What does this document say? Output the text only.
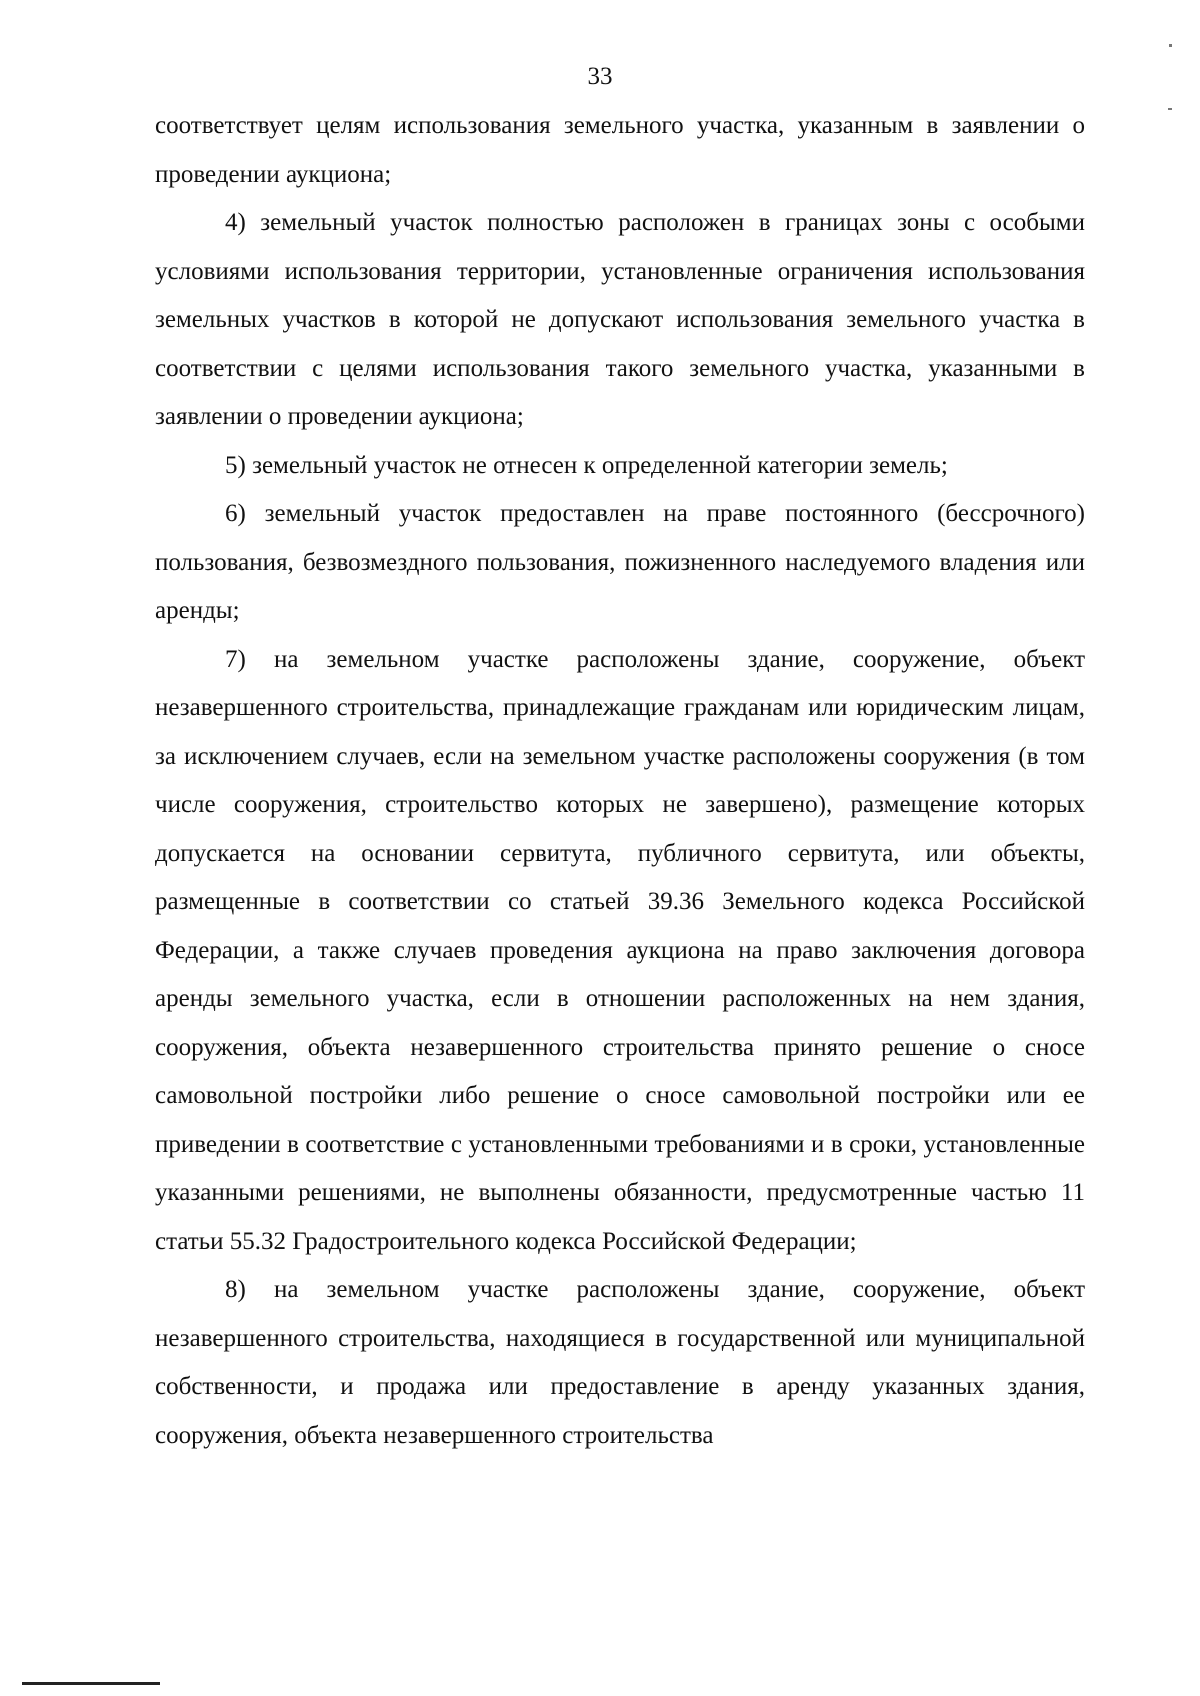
33

соответствует целям использования земельного участка, указанным в заявлении о проведении аукциона;

4) земельный участок полностью расположен в границах зоны с особыми условиями использования территории, установленные ограничения использования земельных участков в которой не допускают использования земельного участка в соответствии с целями использования такого земельного участка, указанными в заявлении о проведении аукциона;

5) земельный участок не отнесен к определенной категории земель;

6) земельный участок предоставлен на праве постоянного (бессрочного) пользования, безвозмездного пользования, пожизненного наследуемого владения или аренды;

7) на земельном участке расположены здание, сооружение, объект незавершенного строительства, принадлежащие гражданам или юридическим лицам, за исключением случаев, если на земельном участке расположены сооружения (в том числе сооружения, строительство которых не завершено), размещение которых допускается на основании сервитута, публичного сервитута, или объекты, размещенные в соответствии со статьей 39.36 Земельного кодекса Российской Федерации, а также случаев проведения аукциона на право заключения договора аренды земельного участка, если в отношении расположенных на нем здания, сооружения, объекта незавершенного строительства принято решение о сносе самовольной постройки либо решение о сносе самовольной постройки или ее приведении в соответствие с установленными требованиями и в сроки, установленные указанными решениями, не выполнены обязанности, предусмотренные частью 11 статьи 55.32 Градостроительного кодекса Российской Федерации;

8) на земельном участке расположены здание, сооружение, объект незавершенного строительства, находящиеся в государственной или муниципальной собственности, и продажа или предоставление в аренду указанных здания, сооружения, объекта незавершенного строительства
